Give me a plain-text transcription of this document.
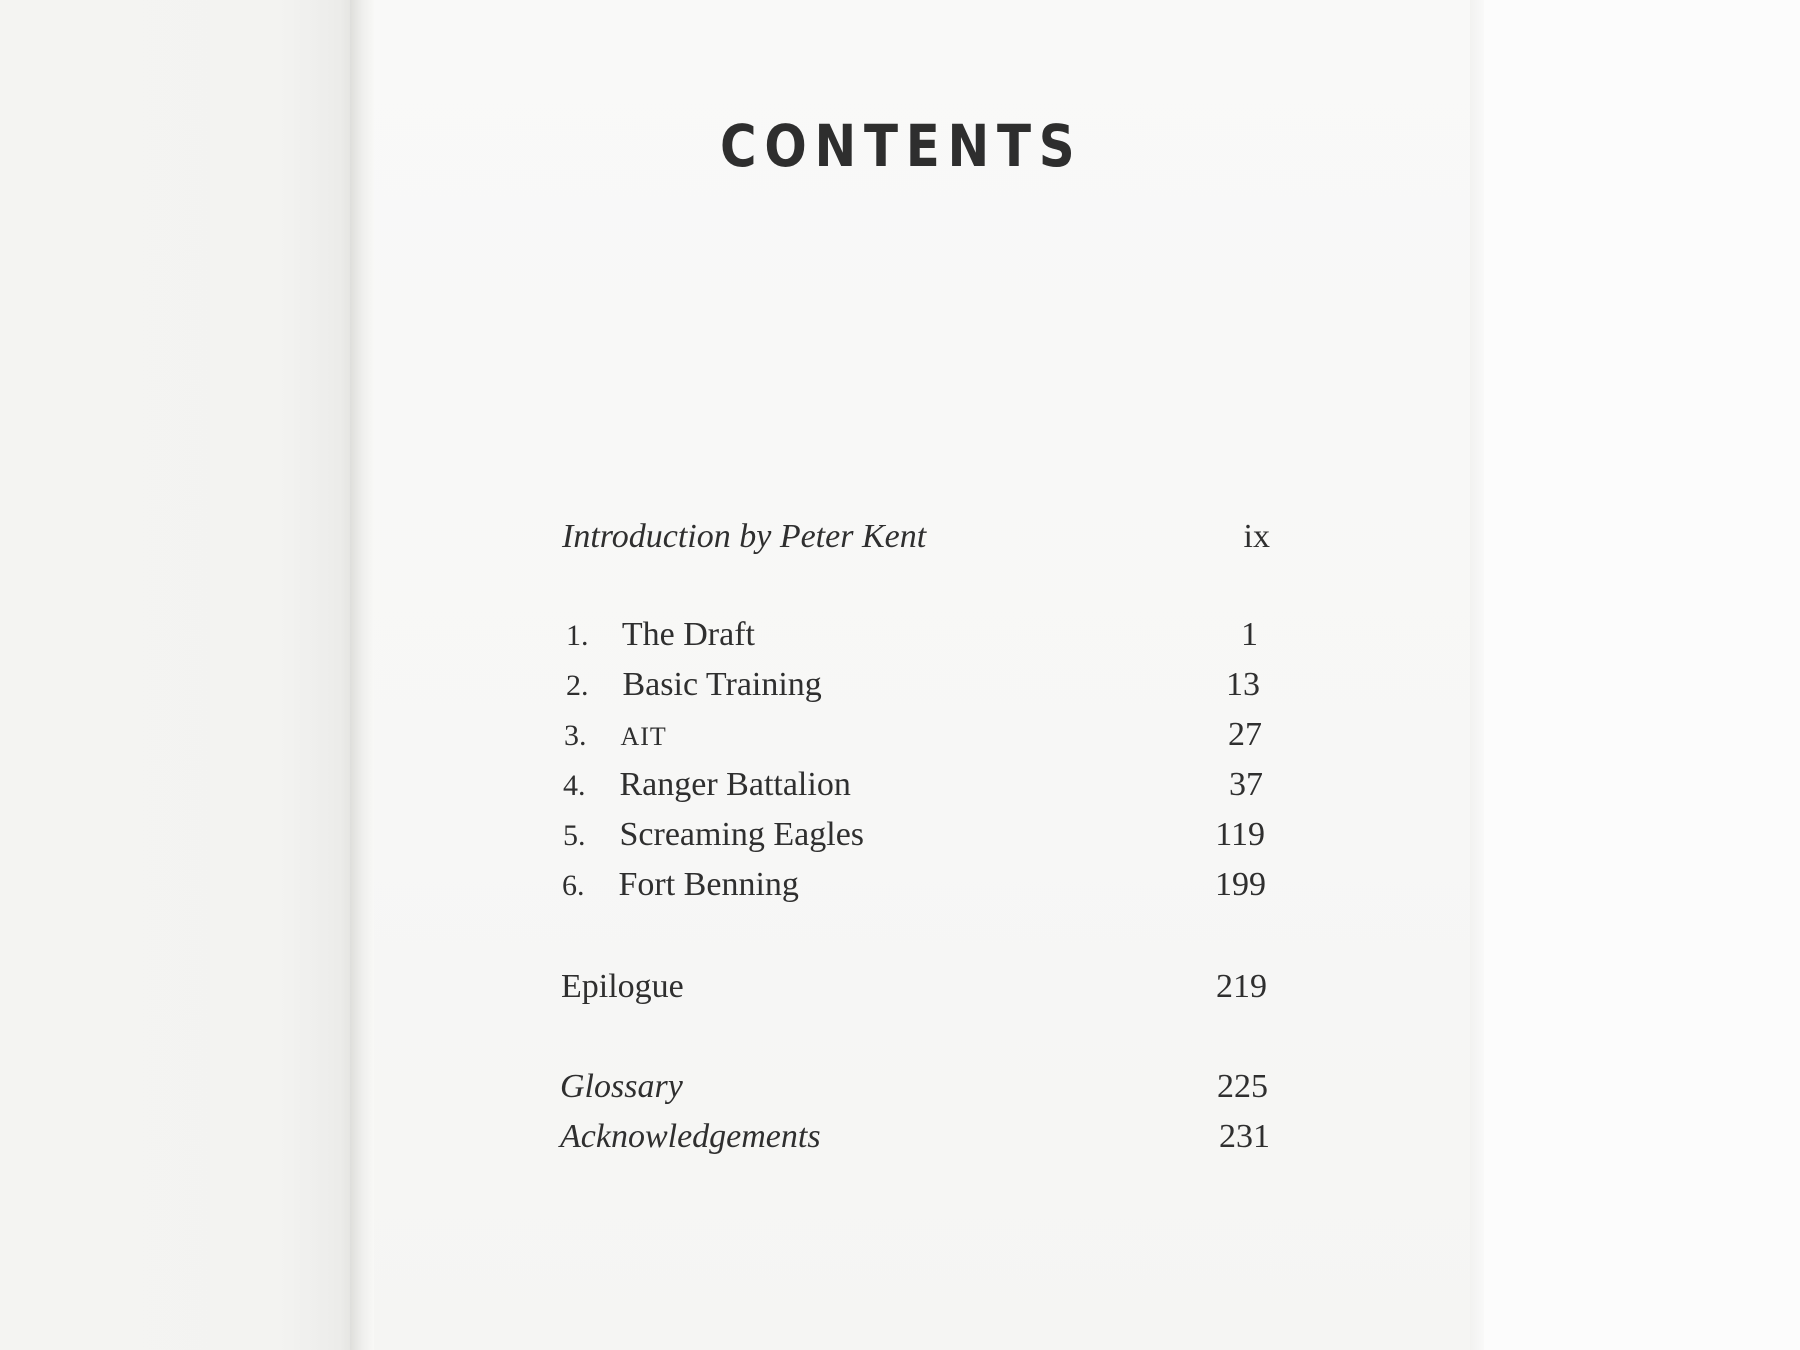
CONTENTS
Introduction by Peter Kent	ix
1. The Draft	1
2. Basic Training	13
3. AIT	27
4. Ranger Battalion	37
5. Screaming Eagles	119
6. Fort Benning	199
Epilogue	219
Glossary	225
Acknowledgements	231
